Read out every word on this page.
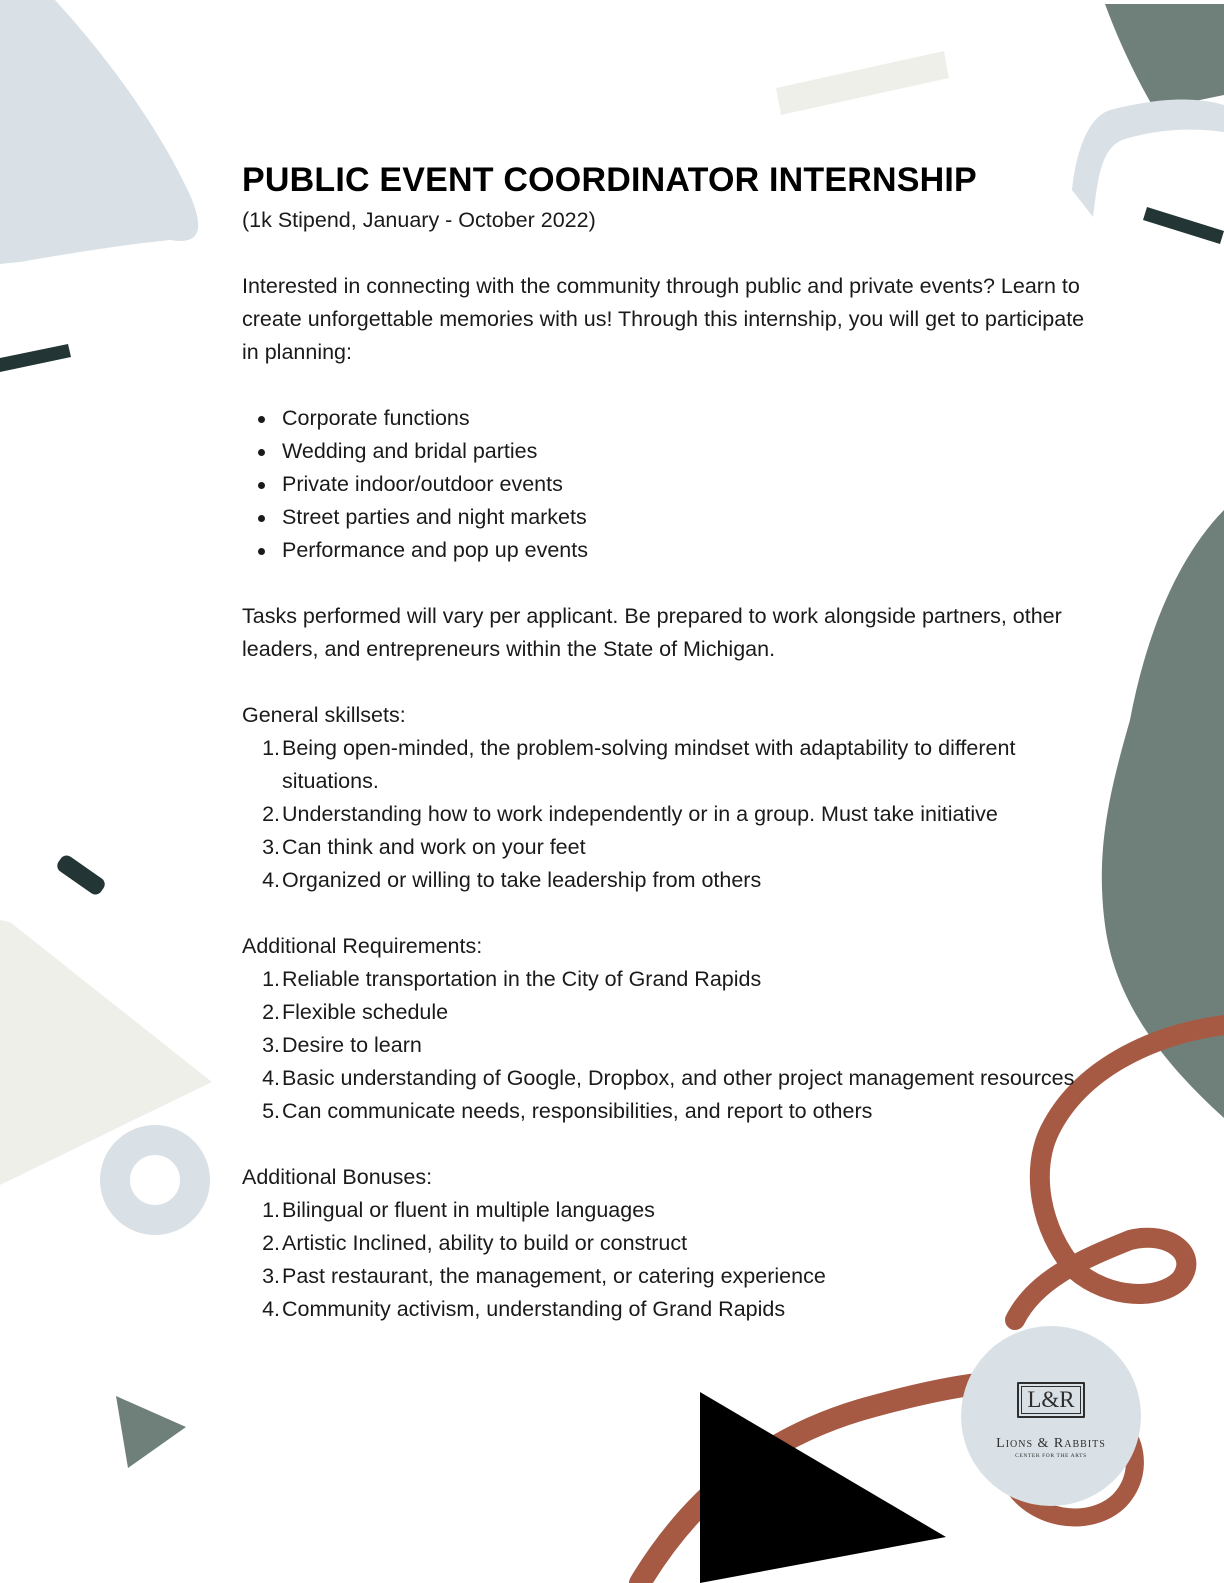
PUBLIC EVENT COORDINATOR INTERNSHIP

(1k Stipend, January - October 2022)

Interested in connecting with the community through public and private events? Learn to create unforgettable memories with us! Through this internship, you will get to participate in planning:

Corporate functions
Wedding and bridal parties
Private indoor/outdoor events
Street parties and night markets
Performance and pop up events

Tasks performed will vary per applicant. Be prepared to work alongside partners, other leaders, and entrepreneurs within the State of Michigan.

General skillsets:

1. Being open-minded, the problem-solving mindset with adaptability to different situations.
2. Understanding how to work independently or in a group. Must take initiative
3. Can think and work on your feet
4. Organized or willing to take leadership from others

Additional Requirements:

1. Reliable transportation in the City of Grand Rapids
2. Flexible schedule
3. Desire to learn
4. Basic understanding of Google, Dropbox, and other project management resources
5. Can communicate needs, responsibilities, and report to others

Additional Bonuses:

1. Bilingual or fluent in multiple languages
2. Artistic Inclined, ability to build or construct
3. Past restaurant, the management, or catering experience
4. Community activism, understanding of Grand Rapids
L&R
Lions & Rabbits
CENTER FOR THE ARTS
